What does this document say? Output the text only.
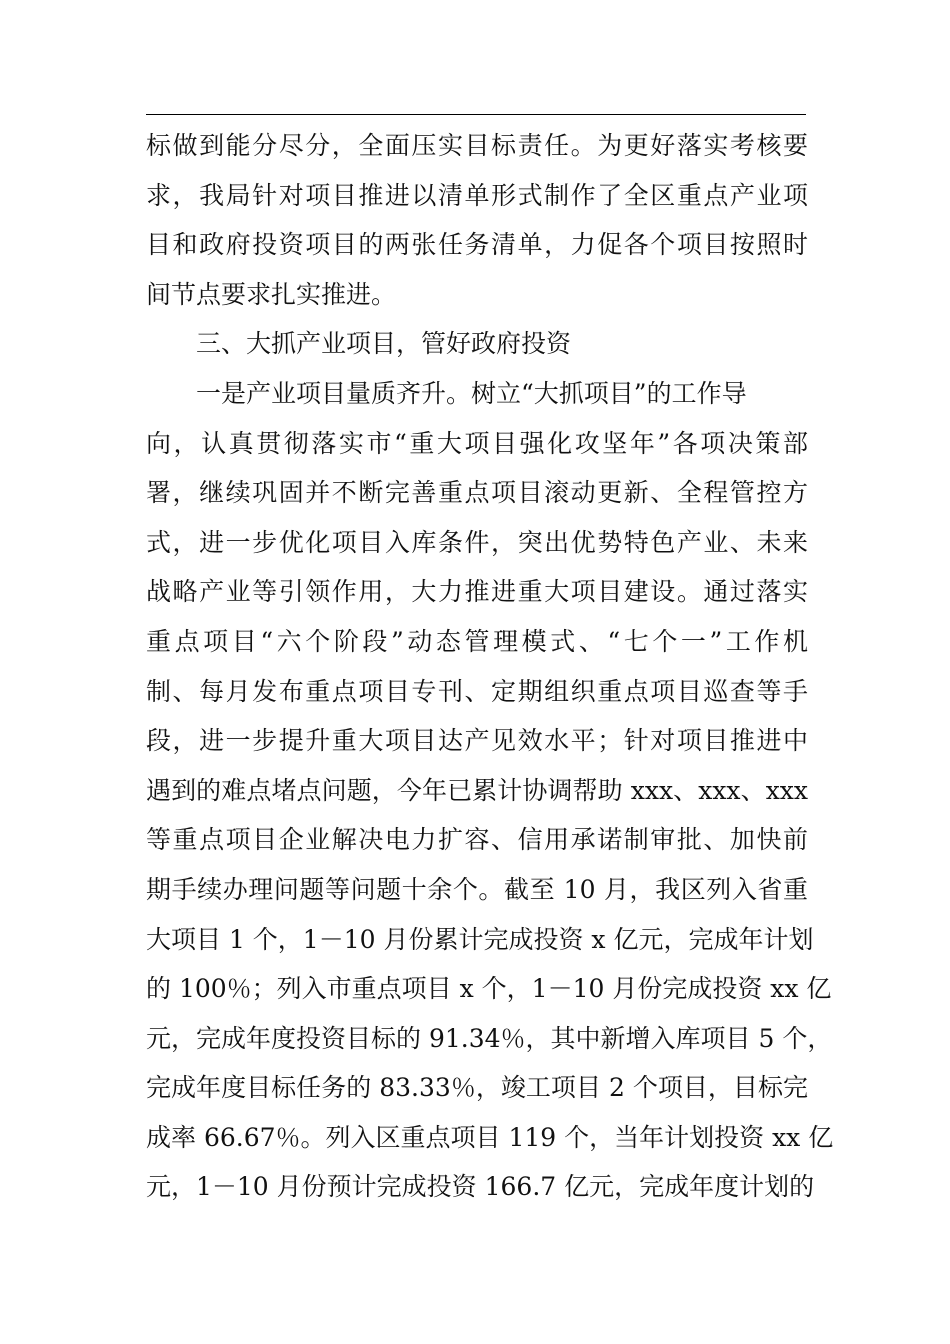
标做到能分尽分，全面压实目标责任。为更好落实考核要
求，我局针对项目推进以清单形式制作了全区重点产业项
目和政府投资项目的两张任务清单，力促各个项目按照时
间节点要求扎实推进。
三、大抓产业项目，管好政府投资
一是产业项目量质齐升。树立“大抓项目”的工作导
向，认真贯彻落实市“重大项目强化攻坚年”各项决策部
署，继续巩固并不断完善重点项目滚动更新、全程管控方
式，进一步优化项目入库条件，突出优势特色产业、未来
战略产业等引领作用，大力推进重大项目建设。通过落实
重点项目“六个阶段”动态管理模式、“七个一”工作机
制、每月发布重点项目专刊、定期组织重点项目巡查等手
段，进一步提升重大项目达产见效水平；针对项目推进中
遇到的难点堵点问题，今年已累计协调帮助 xxx、xxx、xxx
等重点项目企业解决电力扩容、信用承诺制审批、加快前
期手续办理问题等问题十余个。截至 10 月，我区列入省重
大项目 1 个，1－10 月份累计完成投资 x 亿元，完成年计划
的 100％；列入市重点项目 x 个，1－10 月份完成投资 xx 亿
元，完成年度投资目标的 91.34％，其中新增入库项目 5 个，
完成年度目标任务的 83.33％，竣工项目 2 个项目，目标完
成率 66.67％。列入区重点项目 119 个，当年计划投资 xx 亿
元，1－10 月份预计完成投资 166.7 亿元，完成年度计划的
